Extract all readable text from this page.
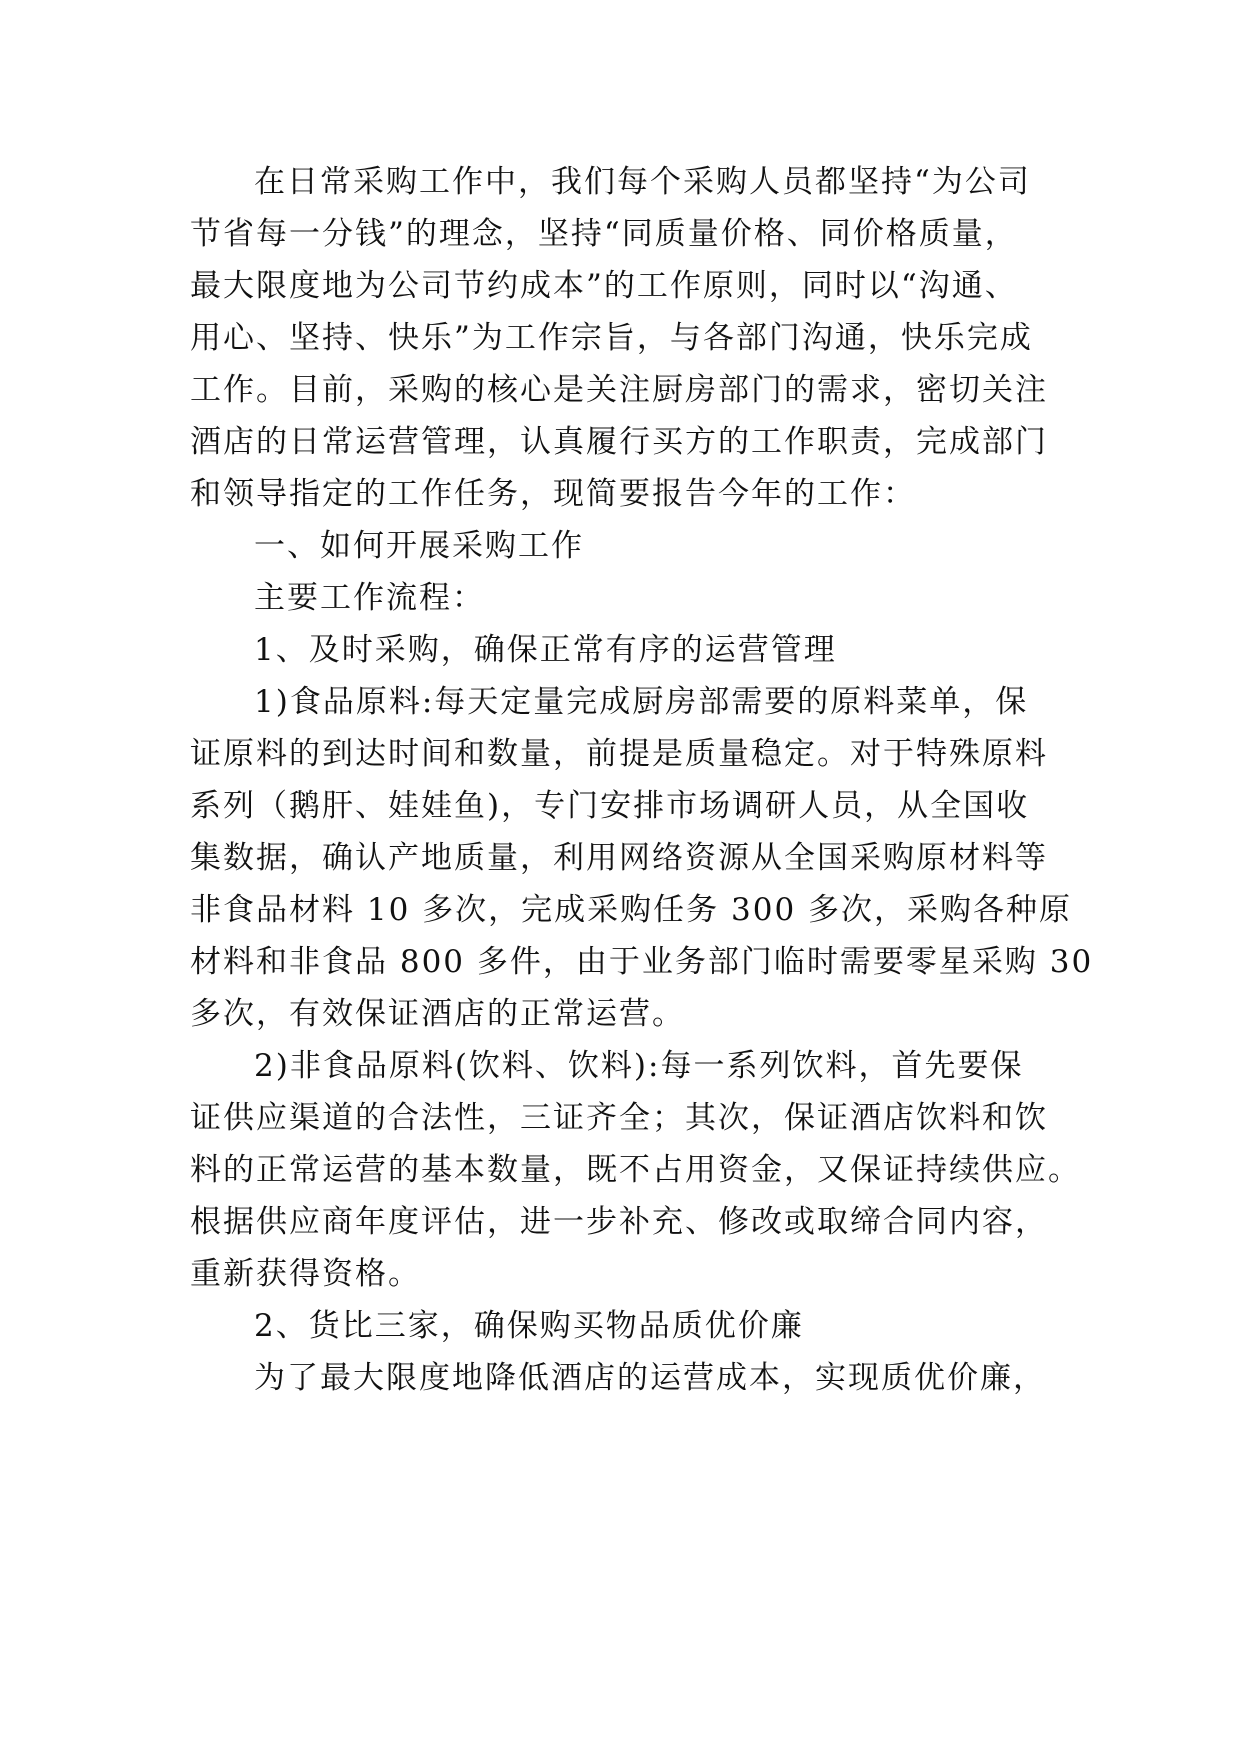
在日常采购工作中，我们每个采购人员都坚持“为公司
节省每一分钱”的理念，坚持“同质量价格、同价格质量，
最大限度地为公司节约成本”的工作原则，同时以“沟通、
用心、坚持、快乐”为工作宗旨，与各部门沟通，快乐完成
工作。目前，采购的核心是关注厨房部门的需求，密切关注
酒店的日常运营管理，认真履行买方的工作职责，完成部门
和领导指定的工作任务，现简要报告今年的工作：
一、如何开展采购工作
主要工作流程：
1、及时采购，确保正常有序的运营管理
1)食品原料:每天定量完成厨房部需要的原料菜单，保
证原料的到达时间和数量，前提是质量稳定。对于特殊原料
系列（鹅肝、娃娃鱼)，专门安排市场调研人员，从全国收
集数据，确认产地质量，利用网络资源从全国采购原材料等
非食品材料 10 多次，完成采购任务 300 多次，采购各种原
材料和非食品 800 多件，由于业务部门临时需要零星采购 30
多次，有效保证酒店的正常运营。
2)非食品原料(饮料、饮料):每一系列饮料，首先要保
证供应渠道的合法性，三证齐全；其次，保证酒店饮料和饮
料的正常运营的基本数量，既不占用资金，又保证持续供应。
根据供应商年度评估，进一步补充、修改或取缔合同内容，
重新获得资格。
2、货比三家，确保购买物品质优价廉
为了最大限度地降低酒店的运营成本，实现质优价廉，
